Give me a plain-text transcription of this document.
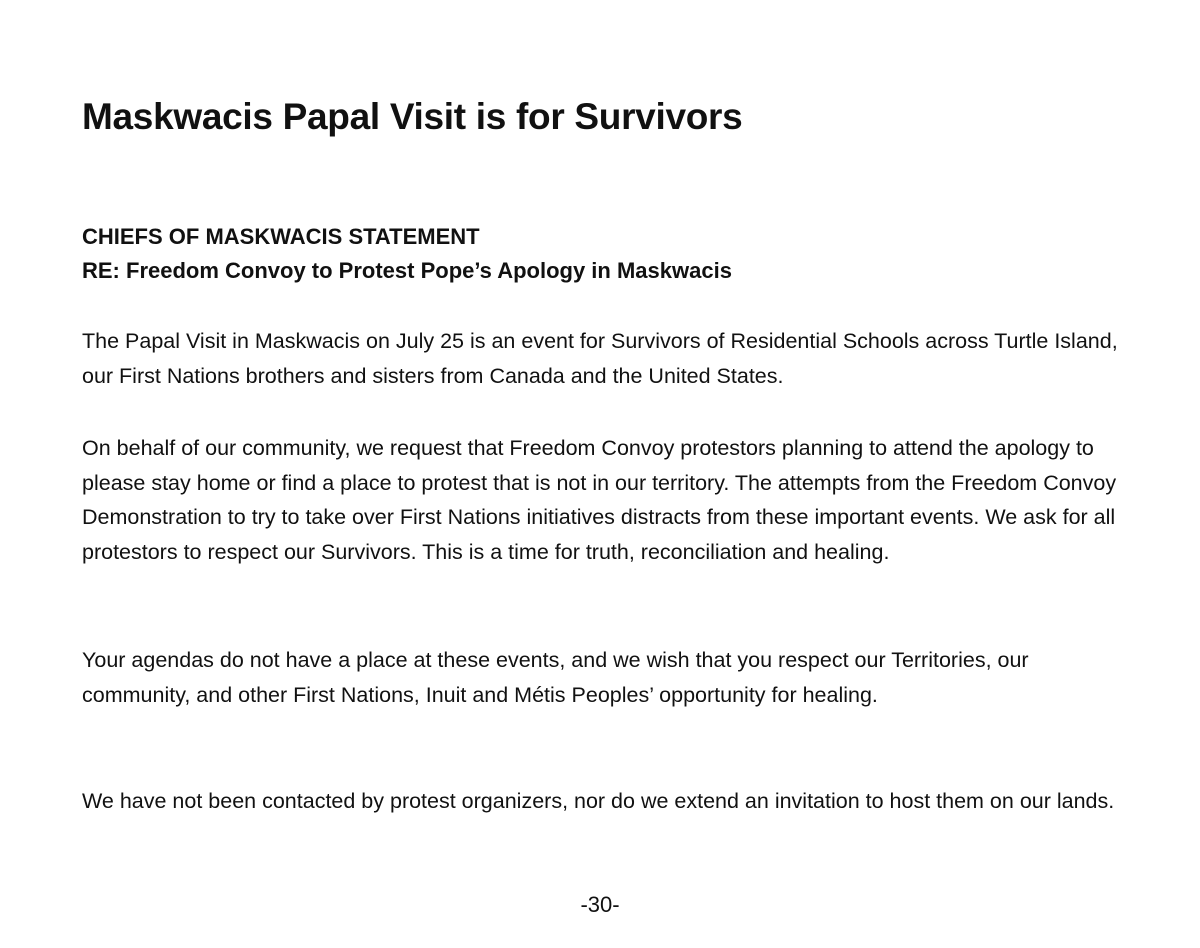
Maskwacis Papal Visit is for Survivors
CHIEFS OF MASKWACIS STATEMENT
RE: Freedom Convoy to Protest Pope’s Apology in Maskwacis

The Papal Visit in Maskwacis on July 25 is an event for Survivors of Residential Schools across Turtle Island, our First Nations brothers and sisters from Canada and the United States.

On behalf of our community, we request that Freedom Convoy protestors planning to attend the apology to please stay home or find a place to protest that is not in our territory. The attempts from the Freedom Convoy Demonstration to try to take over First Nations initiatives distracts from these important events. We ask for all protestors to respect our Survivors. This is a time for truth, reconciliation and healing.

Your agendas do not have a place at these events, and we wish that you respect our Territories, our community, and other First Nations, Inuit and Métis Peoples’ opportunity for healing.

We have not been contacted by protest organizers, nor do we extend an invitation to host them on our lands.

-30-
